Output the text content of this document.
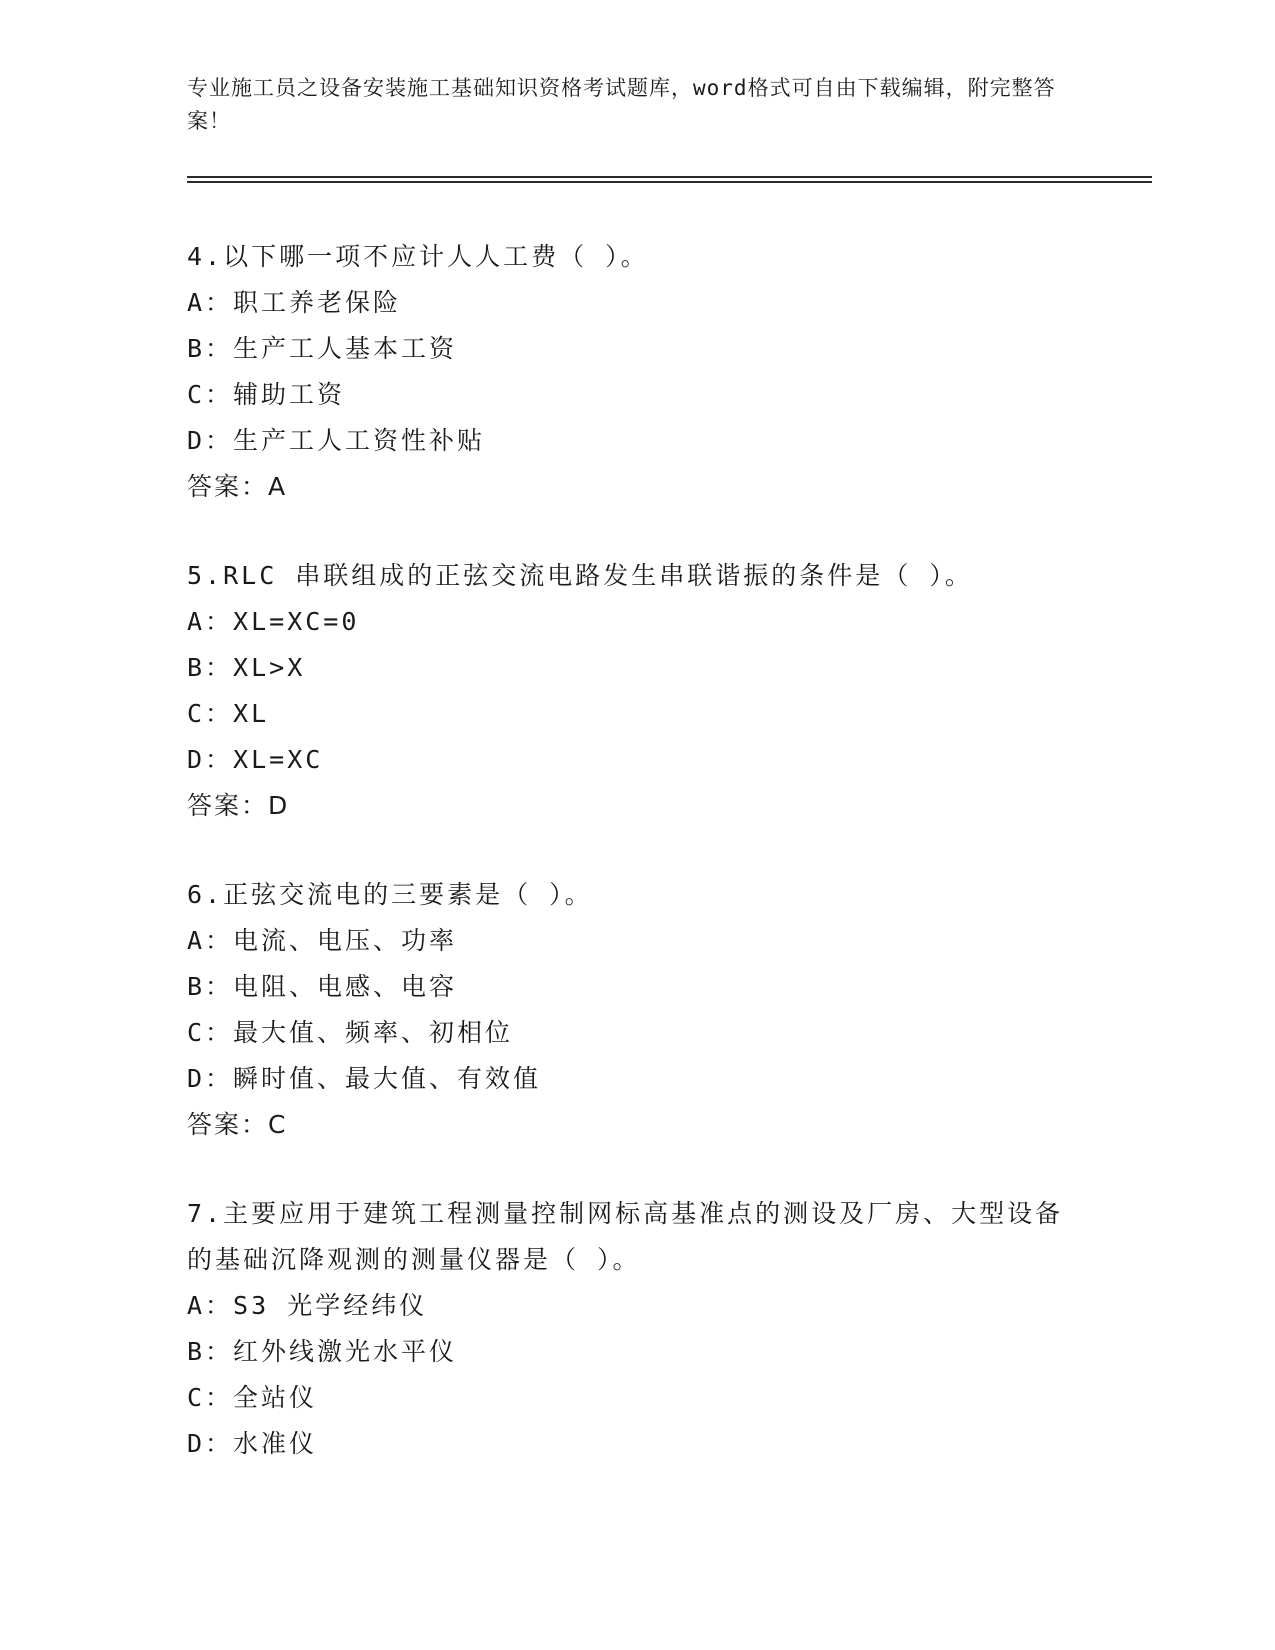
专业施工员之设备安装施工基础知识资格考试题库，word格式可自由下载编辑，附完整答案！
4.以下哪一项不应计人人工费（ ）。
A：职工养老保险
B：生产工人基本工资
C：辅助工资
D：生产工人工资性补贴
答案：A
5.RLC 串联组成的正弦交流电路发生串联谐振的条件是（ ）。
A：XL=XC=0
B：XL>X
C：XL
D：XL=XC
答案：D
6.正弦交流电的三要素是（ ）。
A：电流、电压、功率
B：电阻、电感、电容
C：最大值、频率、初相位
D：瞬时值、最大值、有效值
答案：C
7.主要应用于建筑工程测量控制网标高基准点的测设及厂房、大型设备的基础沉降观测的测量仪器是（ ）。
A：S3 光学经纬仪
B：红外线激光水平仪
C：全站仪
D：水准仪
